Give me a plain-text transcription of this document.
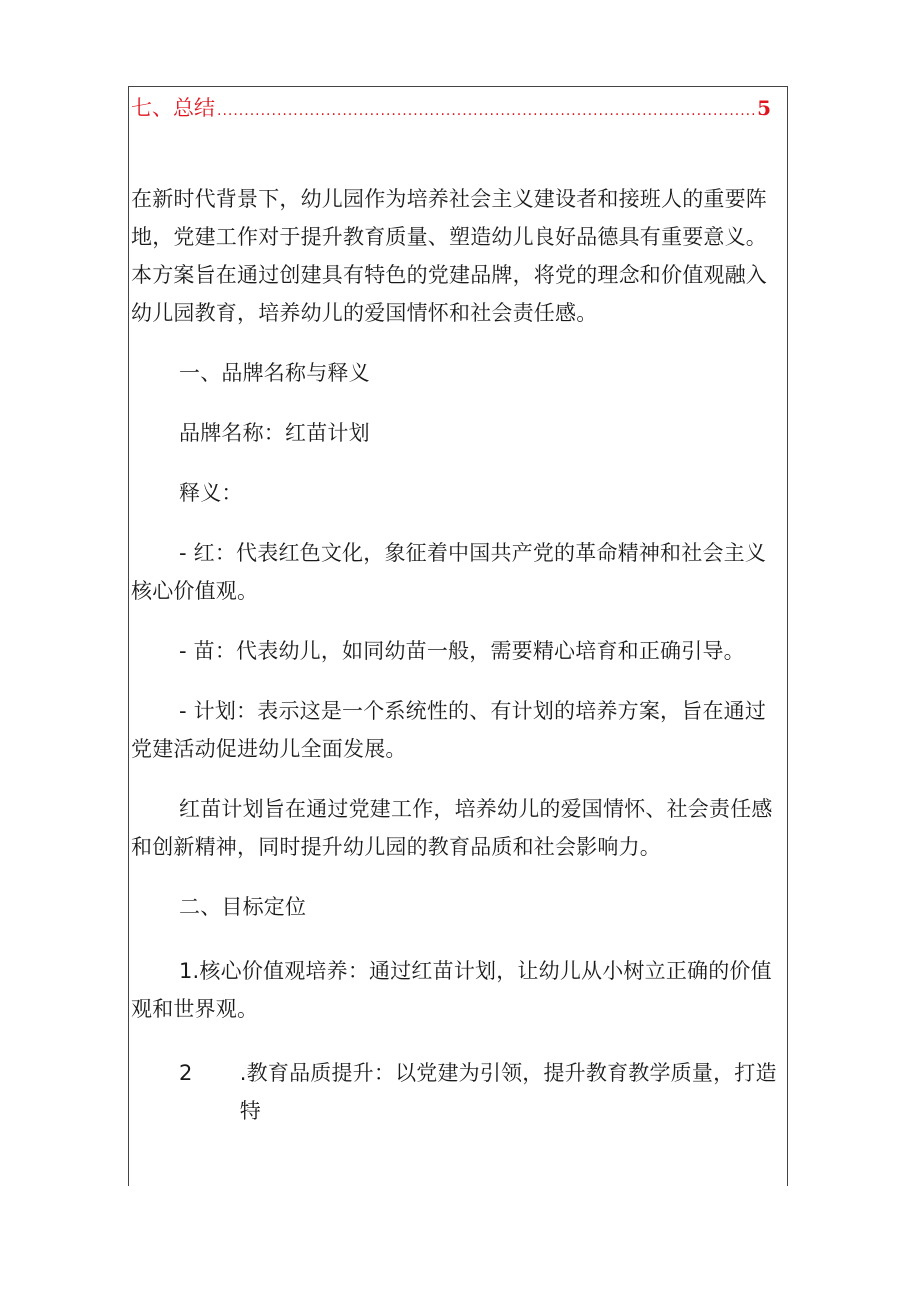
七、总结
.....	5

在新时代背景下，幼儿园作为培养社会主义建设者和接班人的重要阵地，党建工作对于提升教育质量、塑造幼儿良好品德具有重要意义。本方案旨在通过创建具有特色的党建品牌，将党的理念和价值观融入幼儿园教育，培养幼儿的爱国情怀和社会责任感。

一、品牌名称与释义

品牌名称：红苗计划

释义：

- 红：代表红色文化，象征着中国共产党的革命精神和社会主义核心价值观。

- 苗：代表幼儿，如同幼苗一般，需要精心培育和正确引导。

- 计划：表示这是一个系统性的、有计划的培养方案，旨在通过党建活动促进幼儿全面发展。

红苗计划旨在通过党建工作，培养幼儿的爱国情怀、社会责任感和创新精神，同时提升幼儿园的教育品质和社会影响力。

二、目标定位

1.核心价值观培养：通过红苗计划，让幼儿从小树立正确的价值观和世界观。

2	.教育品质提升：以党建为引领，提升教育教学质量，打造特
